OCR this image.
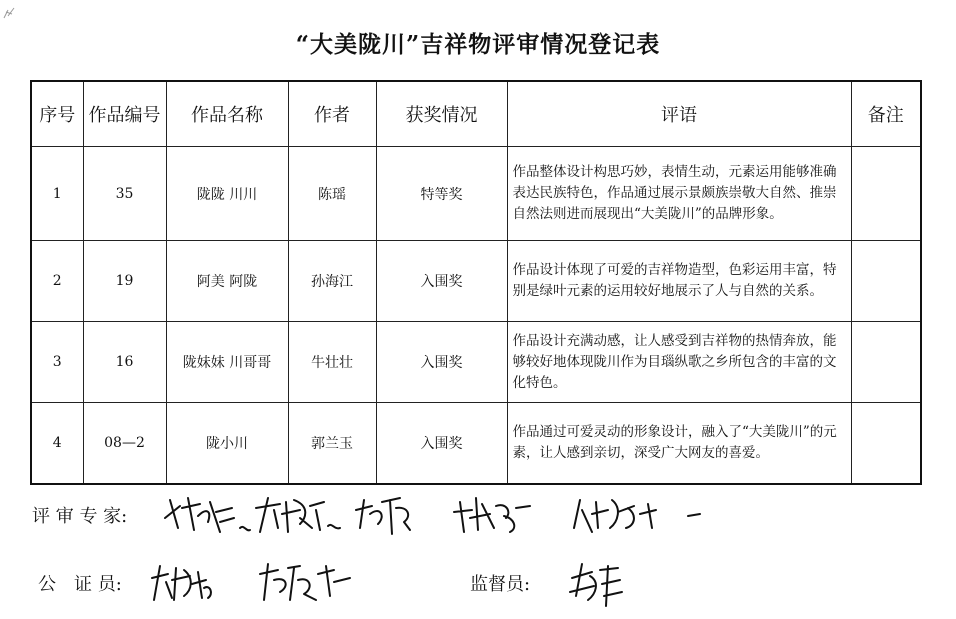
“大美陇川”吉祥物评审情况登记表
序号	作品编号	作品名称	作者	获奖情况	评语	备注
1	35	陇陇 川川	陈瑶	特等奖	作品整体设计构思巧妙，表情生动，元素运用能够准确表达民族特色，作品通过展示景颇族崇敬大自然、推崇自然法则进而展现出“大美陇川”的品牌形象。	
2	19	阿美 阿陇	孙海江	入围奖	作品设计体现了可爱的吉祥物造型，色彩运用丰富，特别是绿叶元素的运用较好地展示了人与自然的关系。	
3	16	陇妹妹 川哥哥	牛壮壮	入围奖	作品设计充满动感，让人感受到吉祥物的热情奔放，能够较好地体现陇川作为目瑙纵歌之乡所包含的丰富的文化特色。	
4	08—2	陇小川	郭兰玉	入围奖	作品通过可爱灵动的形象设计，融入了“大美陇川”的元素，让人感到亲切，深受广大网友的喜爱。	
评 审 专 家:
公　证 员:	监督员:
